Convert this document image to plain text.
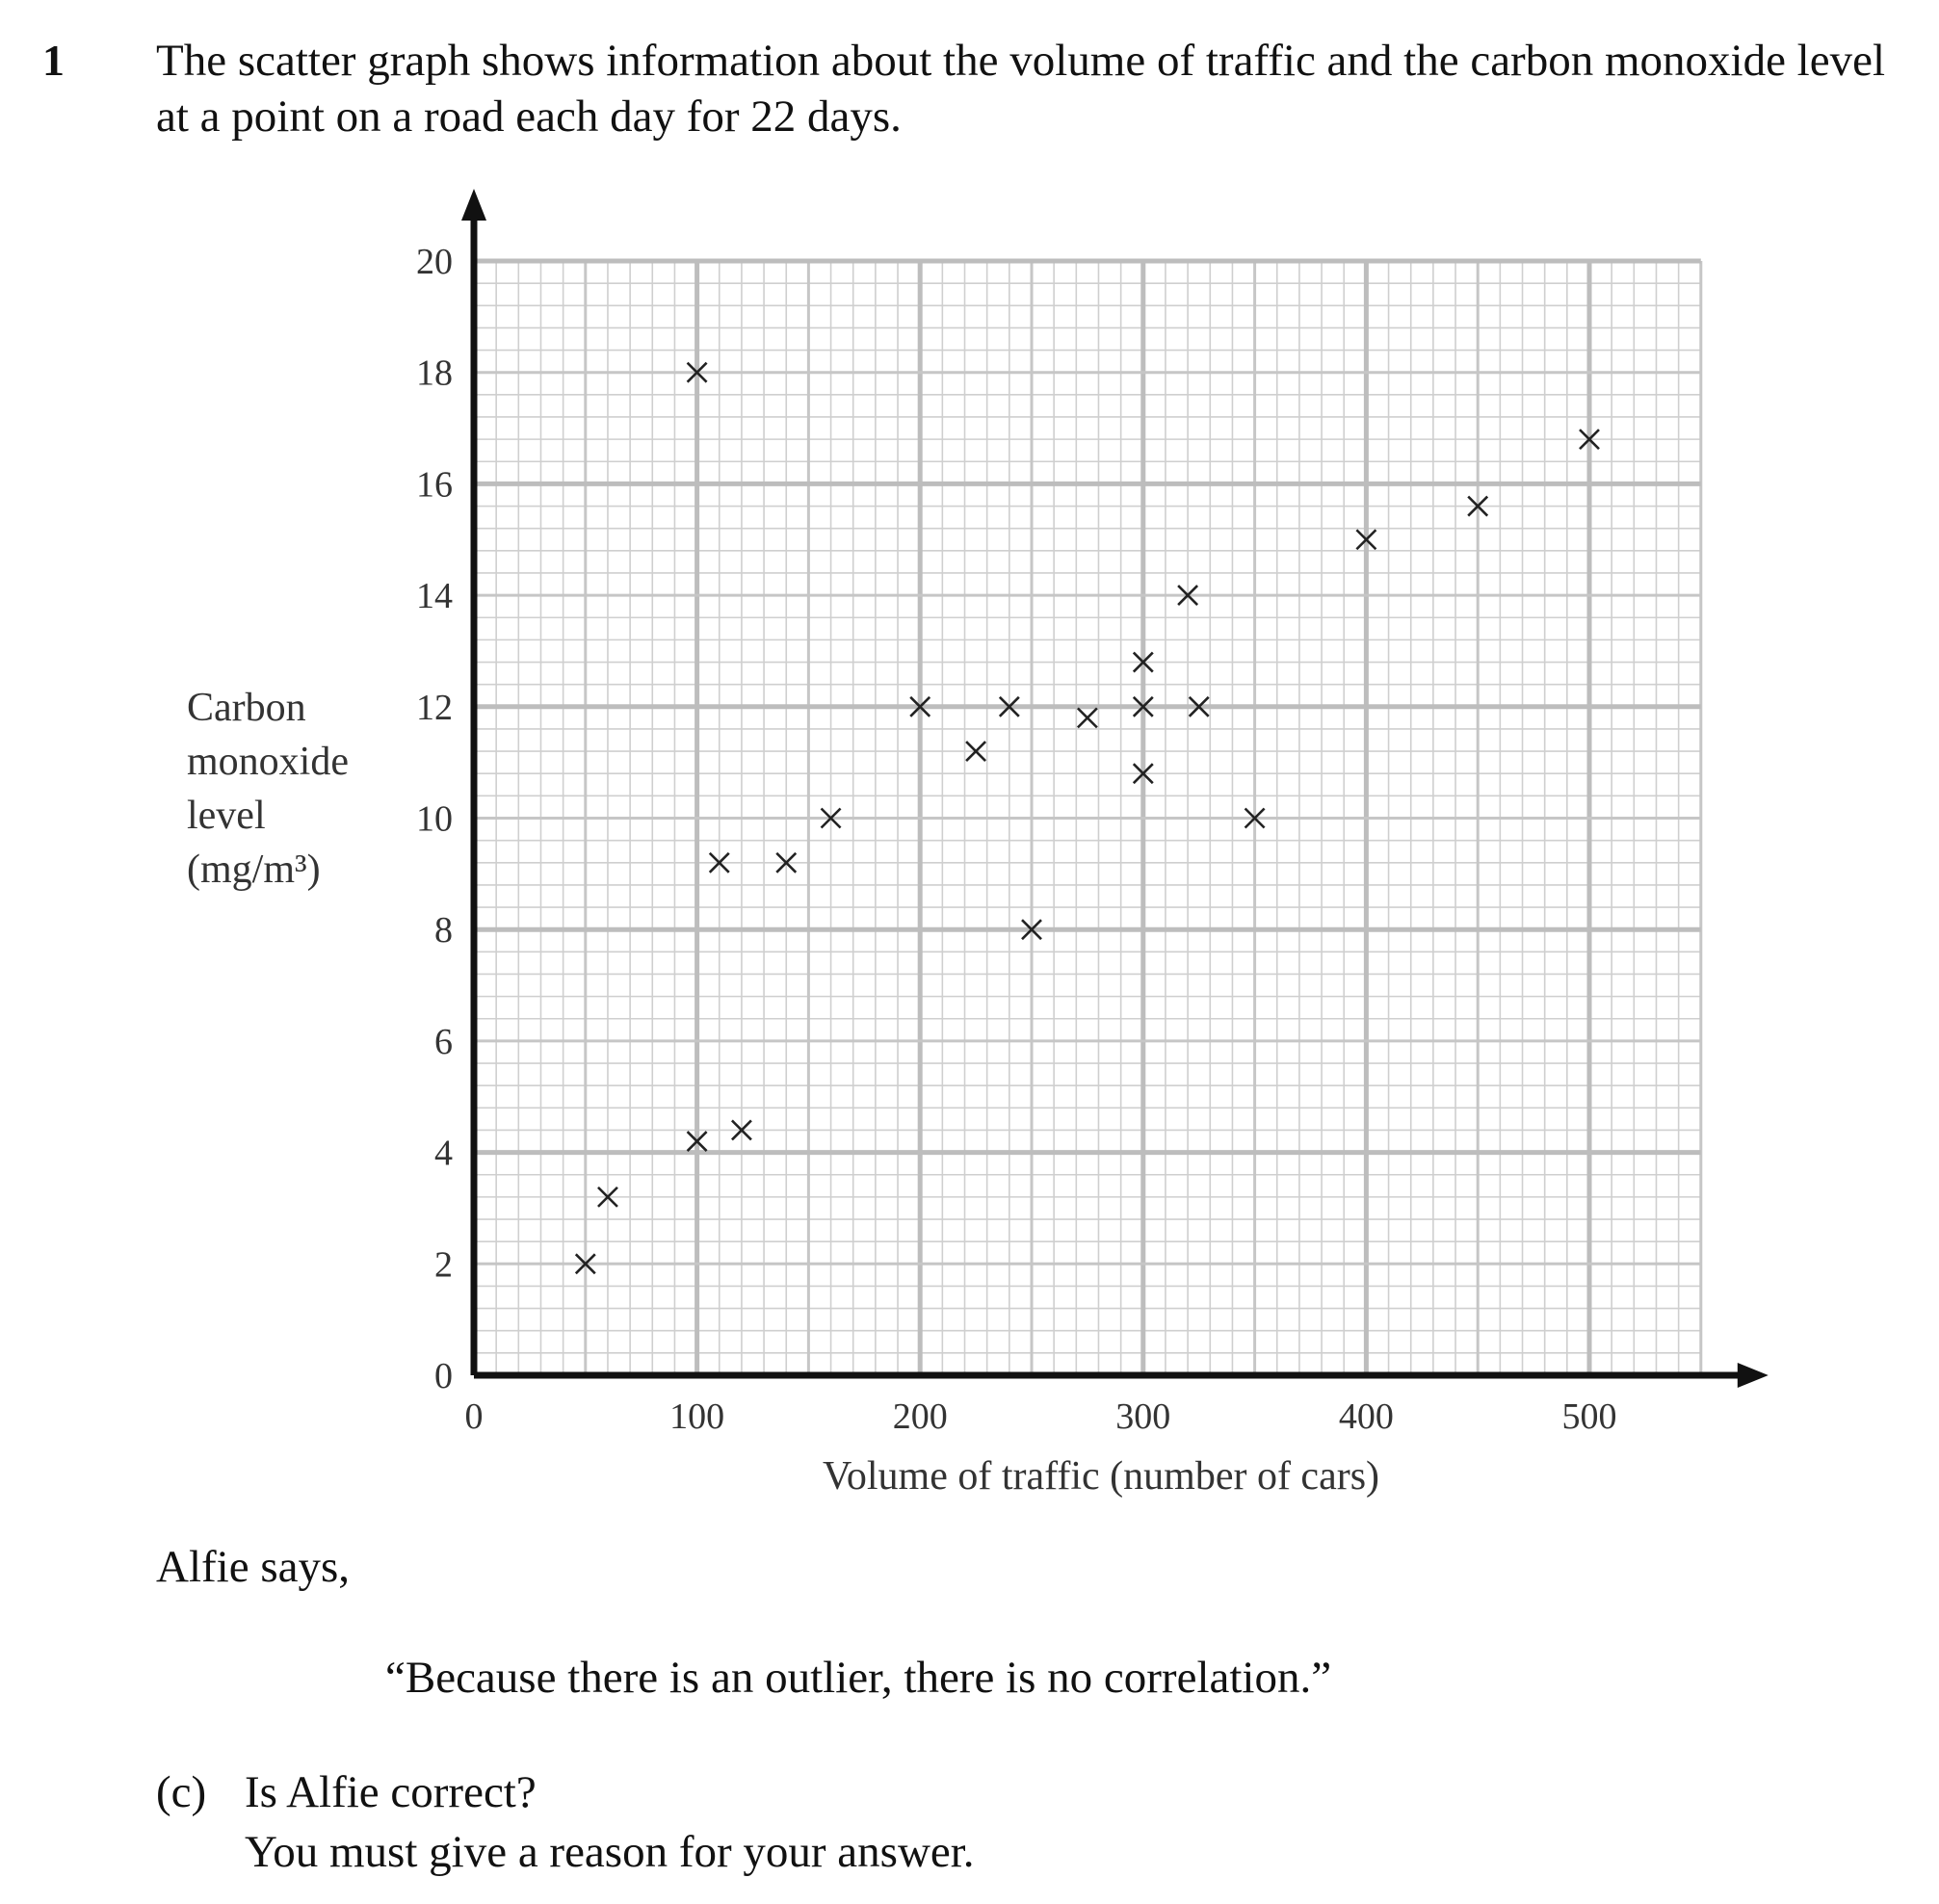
1 The scatter graph shows information about the volume of traffic and the carbon monoxide level at a point on a road each day for 22 days.

0
2
4
6
8
10
12
14
16
18
20
0	100	200	300	400	500
Volume of traffic (number of cars)
Carbon
monoxide
level
(mg/m³)
Alfie says,
“Because there is an outlier, there is no correlation.”
(c) Is Alfie correct?
You must give a reason for your answer.
